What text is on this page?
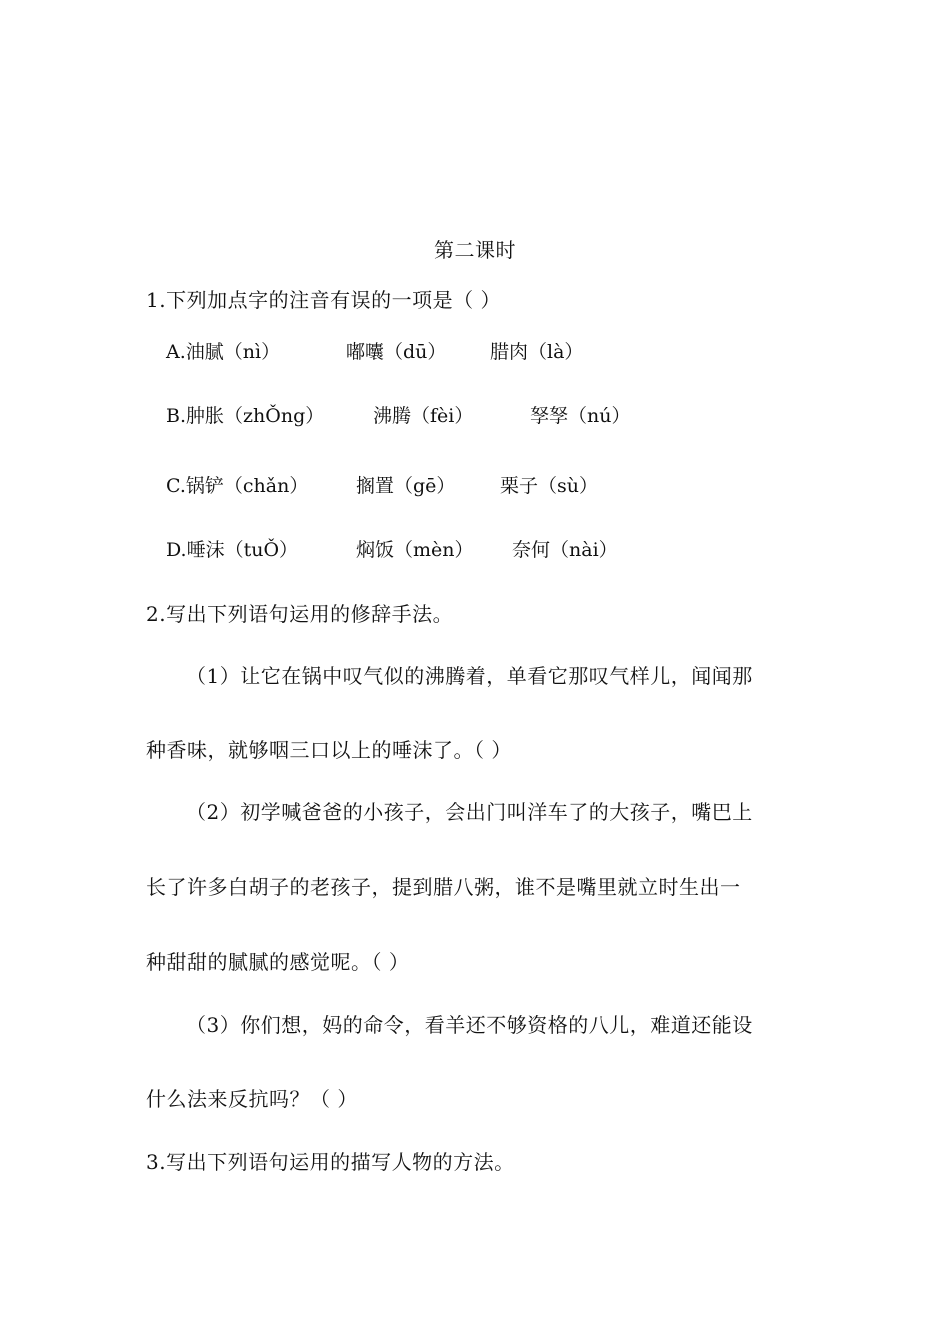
第二课时
1.下列加点字的注音有误的一项是（ ）
A.油腻（nì）	嘟囔（dū） 腊肉（là）
B.肿胀（zhǑng）	沸腾（fèi）	孥孥（nú）
C.锅铲（chǎn）	搁置（gē） 栗子（sù）
D.唾沫（tuǑ）	焖饭（mèn） 奈何（nài）
2.写出下列语句运用的修辞手法。
（1）让它在锅中叹气似的沸腾着，单看它那叹气样儿，闻闻那
种香味，就够咽三口以上的唾沫了。（ ）
（2）初学喊爸爸的小孩子，会出门叫洋车了的大孩子，嘴巴上
长了许多白胡子的老孩子，提到腊八粥，谁不是嘴里就立时生出一
种甜甜的腻腻的感觉呢。（ ）
（3）你们想，妈的命令，看羊还不够资格的八儿，难道还能设
什么法来反抗吗？（ ）
3.写出下列语句运用的描写人物的方法。
